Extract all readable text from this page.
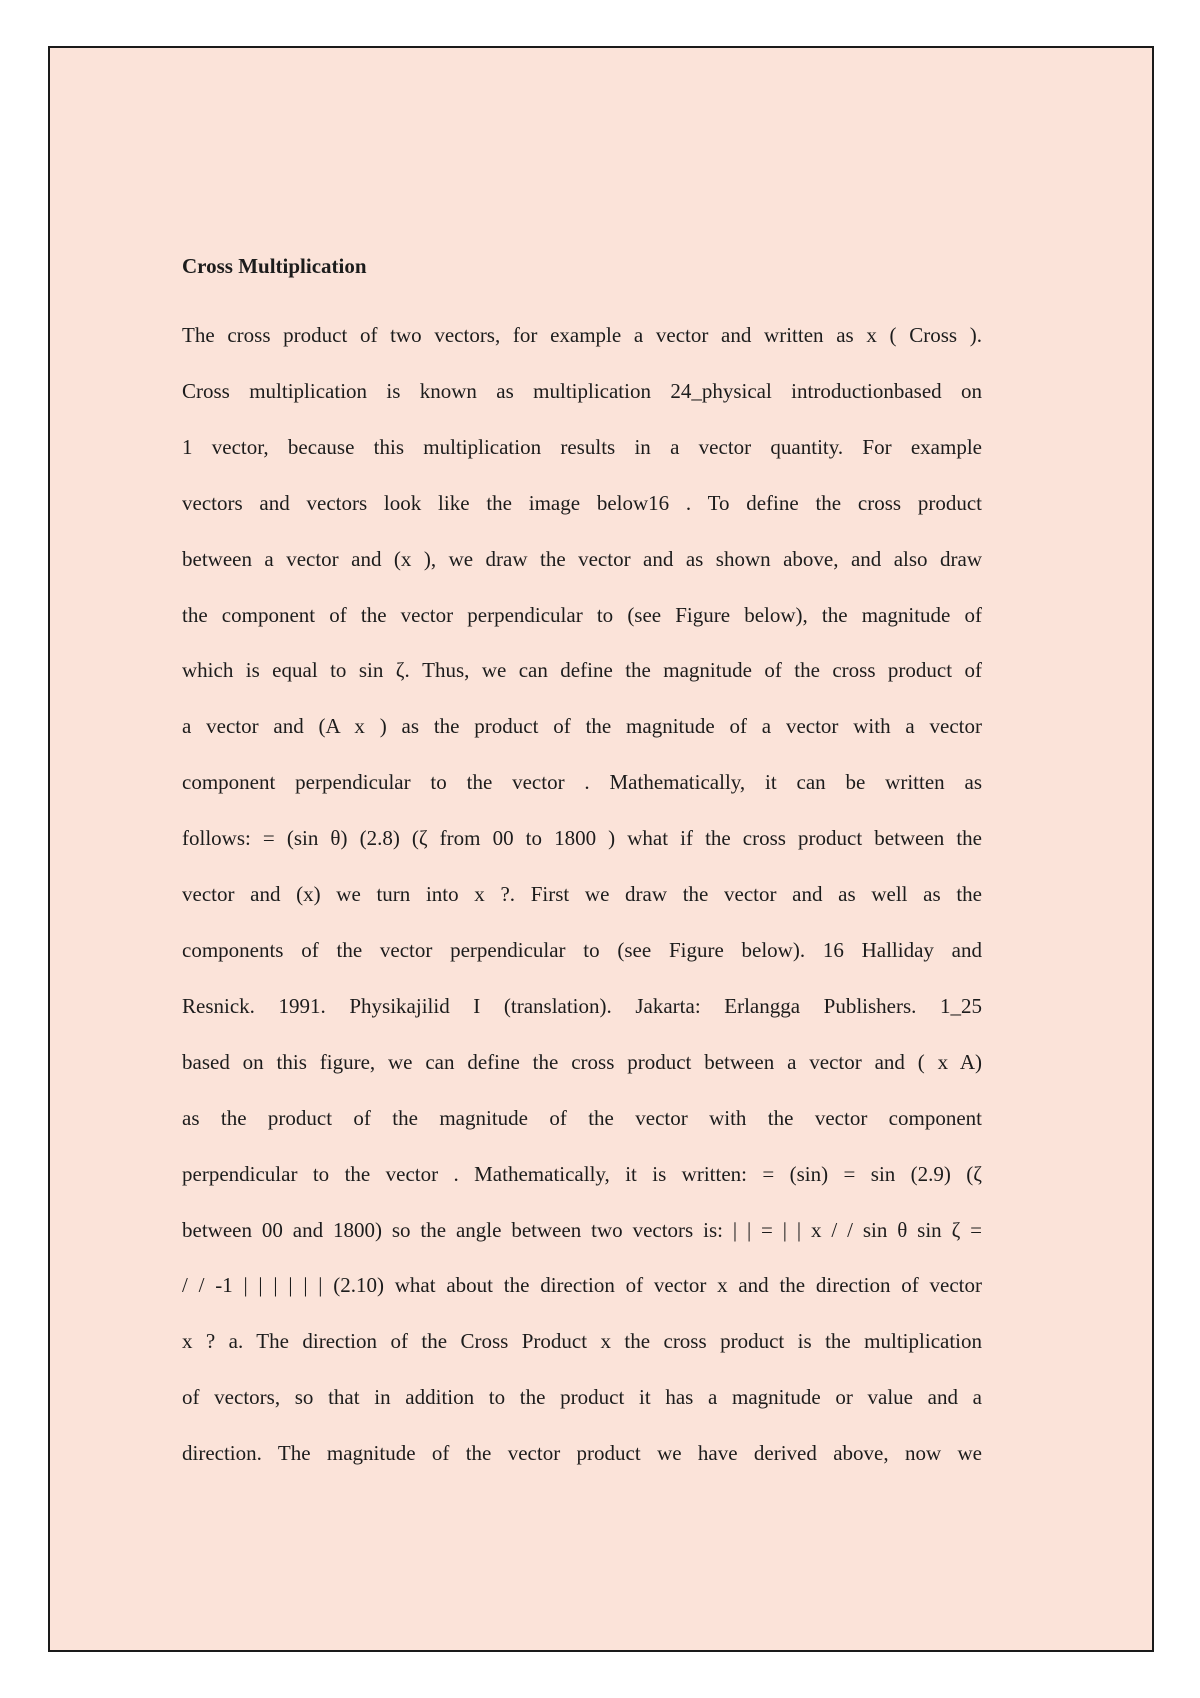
Cross Multiplication
The cross product of two vectors, for example a vector and written as x ( Cross ).
Cross multiplication is known as multiplication 24_physical introductionbased on
1 vector, because this multiplication results in a vector quantity. For example
vectors and vectors look like the image below16 . To define the cross product
between a vector and (x ), we draw the vector and as shown above, and also draw
the component of the vector perpendicular to (see Figure below), the magnitude of
which is equal to sin ζ. Thus, we can define the magnitude of the cross product of
a vector and (A x ) as the product of the magnitude of a vector with a vector
component perpendicular to the vector . Mathematically, it can be written as
follows: = (sin θ) (2.8) (ζ from 00 to 1800 ) what if the cross product between the
vector and (x) we turn into x ?. First we draw the vector and as well as the
components of the vector perpendicular to (see Figure below). 16 Halliday and
Resnick. 1991. Physikajilid I (translation). Jakarta: Erlangga Publishers. 1_25
based on this figure, we can define the cross product between a vector and ( x A)
as the product of the magnitude of the vector with the vector component
perpendicular to the vector . Mathematically, it is written: = (sin) = sin (2.9) (ζ
between 00 and 1800) so the angle between two vectors is: | | = | | x / / sin θ sin ζ =
/ / -1 | | | | | | (2.10) what about the direction of vector x and the direction of vector
x ? a. The direction of the Cross Product x the cross product is the multiplication
of vectors, so that in addition to the product it has a magnitude or value and a
direction. The magnitude of the vector product we have derived above, now we
